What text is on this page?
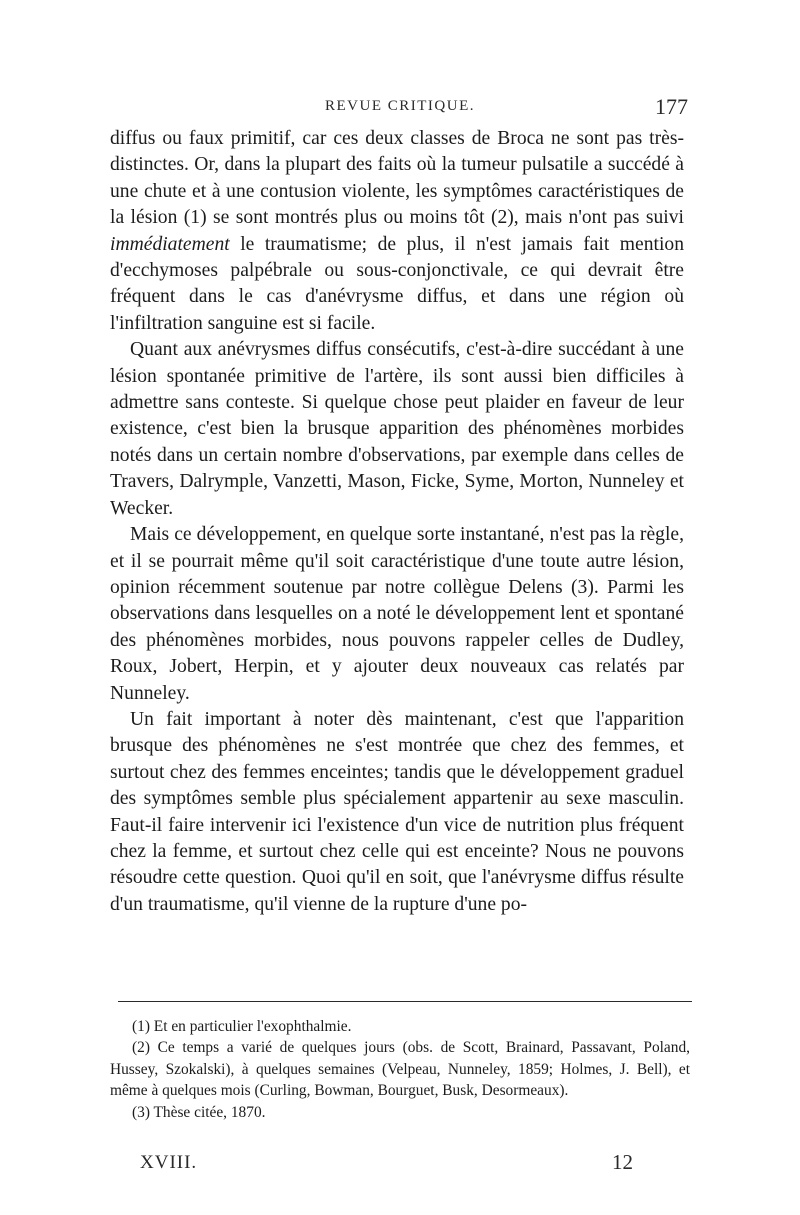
REVUE CRITIQUE.	177

diffus ou faux primitif, car ces deux classes de Broca ne sont pas très-distinctes. Or, dans la plupart des faits où la tumeur pulsatile a succédé à une chute et à une contusion violente, les symptômes caractéristiques de la lésion (1) se sont montrés plus ou moins tôt (2), mais n'ont pas suivi immédiatement le traumatisme; de plus, il n'est jamais fait mention d'ecchymoses palpébrale ou sous-conjonctivale, ce qui devrait être fréquent dans le cas d'anévrysme diffus, et dans une région où l'infiltration sanguine est si facile.

Quant aux anévrysmes diffus consécutifs, c'est-à-dire succédant à une lésion spontanée primitive de l'artère, ils sont aussi bien difficiles à admettre sans conteste. Si quelque chose peut plaider en faveur de leur existence, c'est bien la brusque apparition des phénomènes morbides notés dans un certain nombre d'observations, par exemple dans celles de Travers, Dalrymple, Vanzetti, Mason, Ficke, Syme, Morton, Nunneley et Wecker.

Mais ce développement, en quelque sorte instantané, n'est pas la règle, et il se pourrait même qu'il soit caractéristique d'une toute autre lésion, opinion récemment soutenue par notre collègue Delens (3). Parmi les observations dans lesquelles on a noté le développement lent et spontané des phénomènes morbides, nous pouvons rappeler celles de Dudley, Roux, Jobert, Herpin, et y ajouter deux nouveaux cas relatés par Nunneley.

Un fait important à noter dès maintenant, c'est que l'apparition brusque des phénomènes ne s'est montrée que chez des femmes, et surtout chez des femmes enceintes; tandis que le développement graduel des symptômes semble plus spécialement appartenir au sexe masculin. Faut-il faire intervenir ici l'existence d'un vice de nutrition plus fréquent chez la femme, et surtout chez celle qui est enceinte? Nous ne pouvons résoudre cette question. Quoi qu'il en soit, que l'anévrysme diffus résulte d'un traumatisme, qu'il vienne de la rupture d'une po-

(1) Et en particulier l'exophthalmie.

(2) Ce temps a varié de quelques jours (obs. de Scott, Brainard, Passavant, Poland, Hussey, Szokalski), à quelques semaines (Velpeau, Nunneley, 1859; Holmes, J. Bell), et même à quelques mois (Curling, Bowman, Bourguet, Busk, Desormeaux).

(3) Thèse citée, 1870.

XVIII.	12
